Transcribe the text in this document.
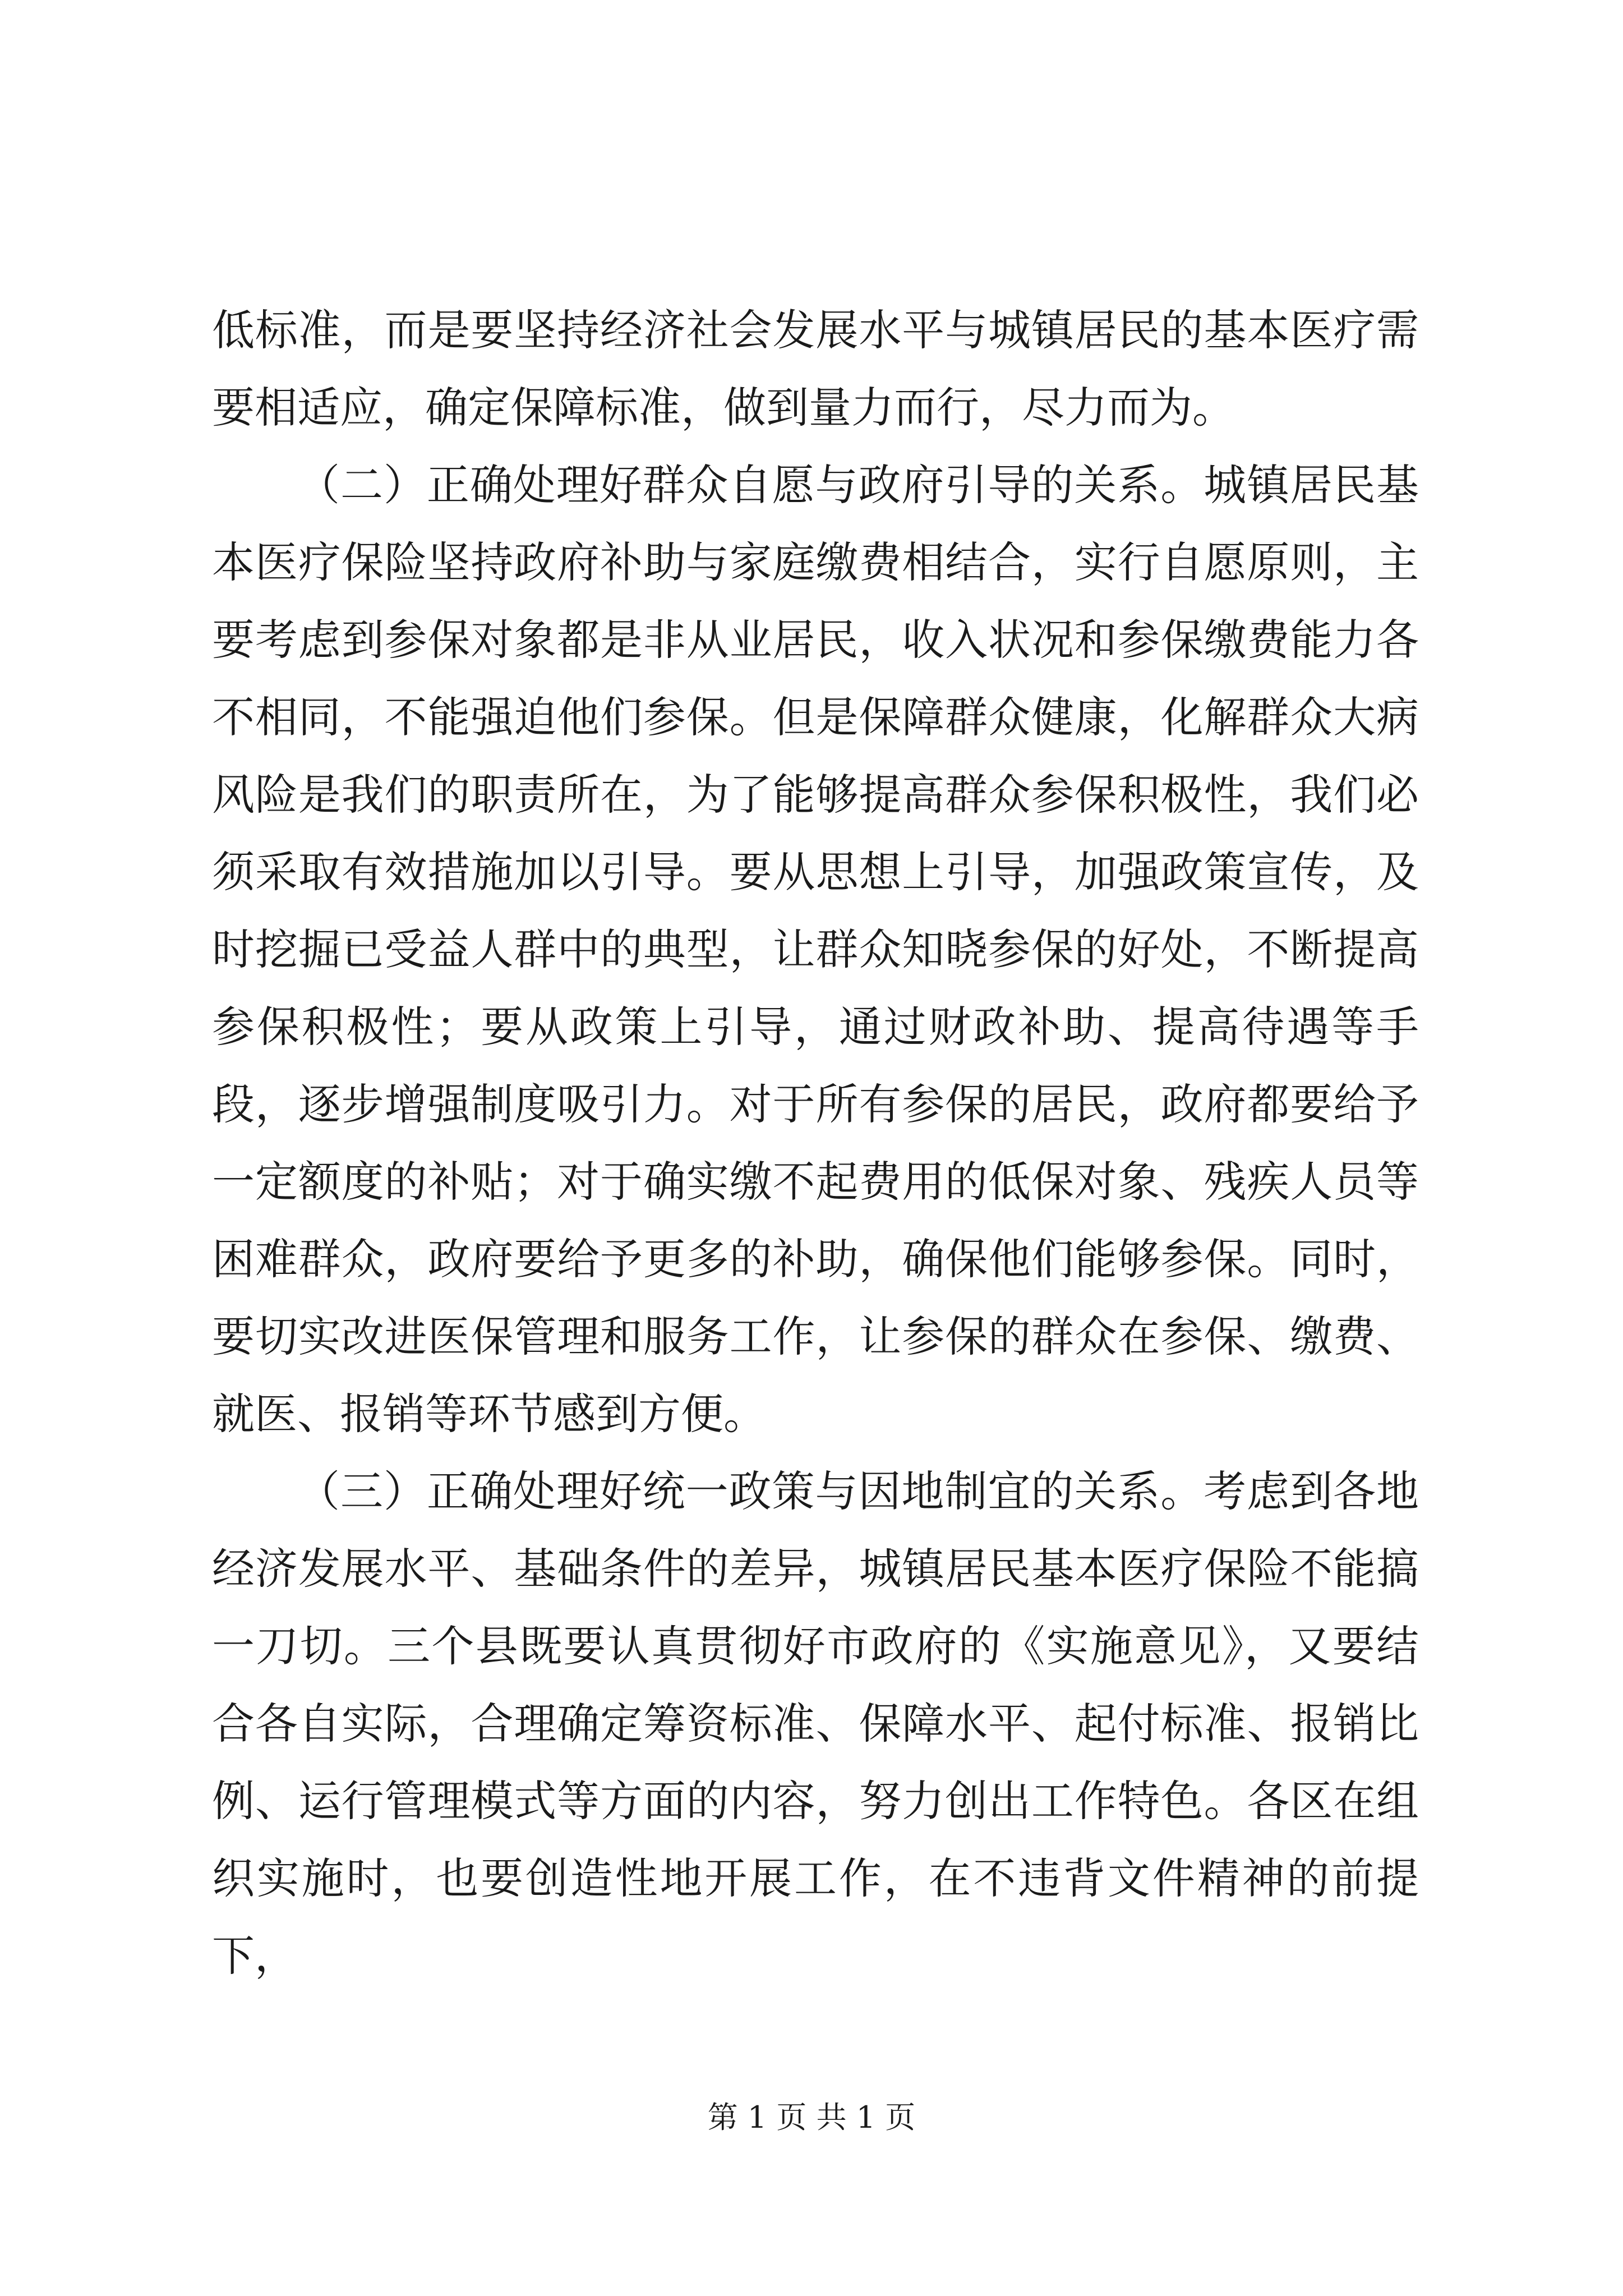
低标准，而是要坚持经济社会发展水平与城镇居民的基本医疗需要相适应，确定保障标准，做到量力而行，尽力而为。

（二）正确处理好群众自愿与政府引导的关系。城镇居民基本医疗保险坚持政府补助与家庭缴费相结合，实行自愿原则，主要考虑到参保对象都是非从业居民，收入状况和参保缴费能力各不相同，不能强迫他们参保。但是保障群众健康，化解群众大病风险是我们的职责所在，为了能够提高群众参保积极性，我们必须采取有效措施加以引导。要从思想上引导，加强政策宣传，及时挖掘已受益人群中的典型，让群众知晓参保的好处，不断提高参保积极性；要从政策上引导，通过财政补助、提高待遇等手段，逐步增强制度吸引力。对于所有参保的居民，政府都要给予一定额度的补贴；对于确实缴不起费用的低保对象、残疾人员等困难群众，政府要给予更多的补助，确保他们能够参保。同时，要切实改进医保管理和服务工作，让参保的群众在参保、缴费、就医、报销等环节感到方便。

（三）正确处理好统一政策与因地制宜的关系。考虑到各地经济发展水平、基础条件的差异，城镇居民基本医疗保险不能搞一刀切。三个县既要认真贯彻好市政府的《实施意见》，又要结合各自实际，合理确定筹资标准、保障水平、起付标准、报销比例、运行管理模式等方面的内容，努力创出工作特色。各区在组织实施时，也要创造性地开展工作，在不违背文件精神的前提下，

第 1 页 共 1 页
